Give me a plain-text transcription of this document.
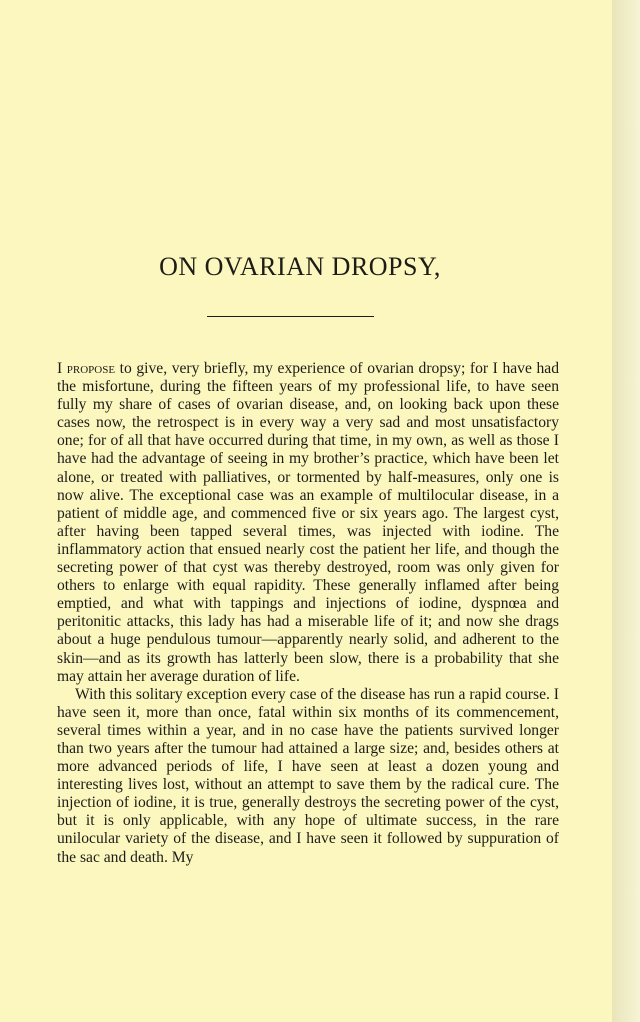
ON OVARIAN DROPSY,

I propose to give, very briefly, my experience of ovarian dropsy; for I have had the misfortune, during the fifteen years of my professional life, to have seen fully my share of cases of ovarian disease, and, on looking back upon these cases now, the retrospect is in every way a very sad and most unsatisfactory one; for of all that have occurred during that time, in my own, as well as those I have had the advantage of seeing in my brother’s practice, which have been let alone, or treated with palliatives, or tormented by half-measures, only one is now alive. The exceptional case was an example of multilocular disease, in a patient of middle age, and commenced five or six years ago. The largest cyst, after having been tapped several times, was injected with iodine. The inflammatory action that ensued nearly cost the patient her life, and though the secreting power of that cyst was thereby destroyed, room was only given for others to enlarge with equal rapidity. These generally inflamed after being emptied, and what with tappings and injections of iodine, dyspnœa and peritonitic attacks, this lady has had a miserable life of it; and now she drags about a huge pendulous tumour—apparently nearly solid, and adherent to the skin—and as its growth has latterly been slow, there is a probability that she may attain her average duration of life.

With this solitary exception every case of the disease has run a rapid course. I have seen it, more than once, fatal within six months of its commencement, several times within a year, and in no case have the patients survived longer than two years after the tumour had attained a large size; and, besides others at more advanced periods of life, I have seen at least a dozen young and interesting lives lost, without an attempt to save them by the radical cure. The injection of iodine, it is true, generally destroys the secreting power of the cyst, but it is only applicable, with any hope of ultimate success, in the rare unilocular variety of the disease, and I have seen it followed by suppuration of the sac and death. My
